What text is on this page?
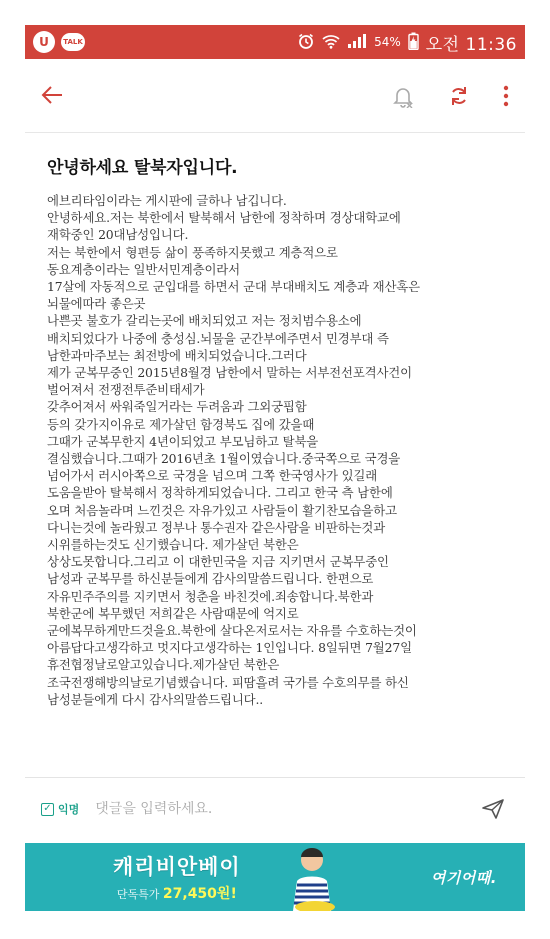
U	TALK	54% 오전 11:36
안녕하세요 탈북자입니다.
에브리타임이라는 게시판에 글하나 남깁니다.
안녕하세요.저는 북한에서 탈북해서 남한에 정착하며 경상대학교에
재학중인 20대남성입니다.
저는 북한에서 형편등 삶이 풍족하지못했고 계층적으로
동요계층이라는 일반서민계층이라서
17살에 자동적으로 군입대를 하면서 군대 부대배치도 계층과 재산혹은
뇌물에따라 좋은곳
나쁜곳 불호가 갈리는곳에 배치되었고 저는 정치범수용소에
배치되었다가 나중에 충성심.뇌물을 군간부에주면서 민경부대 즉
남한과마주보는 최전방에 배치되었습니다.그러다
제가 군복무중인 2015년8월경 남한에서 말하는 서부전선포격사건이
벌어져서 전쟁전투준비태세가
갖추어져서 싸워죽일거라는 두려움과 그외궁핍함
등의 갖가지이유로 제가살던 함경북도 집에 갔을때
그때가 군복무한지 4년이되었고 부모님하고 탈북을
결심했습니다.그때가 2016년초 1월이였습니다.중국쪽으로 국경을
넘어가서 러시아쪽으로 국경을 넘으며 그쪽 한국영사가 있길래
도움을받아 탈북해서 정착하게되었습니다. 그리고 한국 측 남한에
오며 처음놀라며 느낀것은 자유가있고 사람들이 활기찬모습을하고
다니는것에 놀라웠고 정부나 통수권자 같은사람을 비판하는것과
시위를하는것도 신기했습니다. 제가살던 북한은
상상도못합니다.그리고 이 대한민국을 지금 지키면서 군복무중인
남성과 군복무를 하신분들에게 감사의말씀드립니다. 한편으로
자유민주주의를 지키면서 청춘을 바친것에.죄송합니다.북한과
북한군에 복무했던 저희같은 사람때문에 억지로
군에복무하게만드것을요.북한에 살다온저로서는 자유를 수호하는것이
아름답다고생각하고 멋지다고생각하는 1인입니다. 8일뒤면 7월27일
휴전협정날로알고있습니다.제가살던 북한은
조국전쟁해방의날로기념했습니다. 피땀흘려 국가를 수호의무를 하신
남성분들에게 다시 감사의말씀드립니다..
✓ 익명
댓글을 입력하세요.
캐리비안베이
단독특가 27,450원!
여기어때.
